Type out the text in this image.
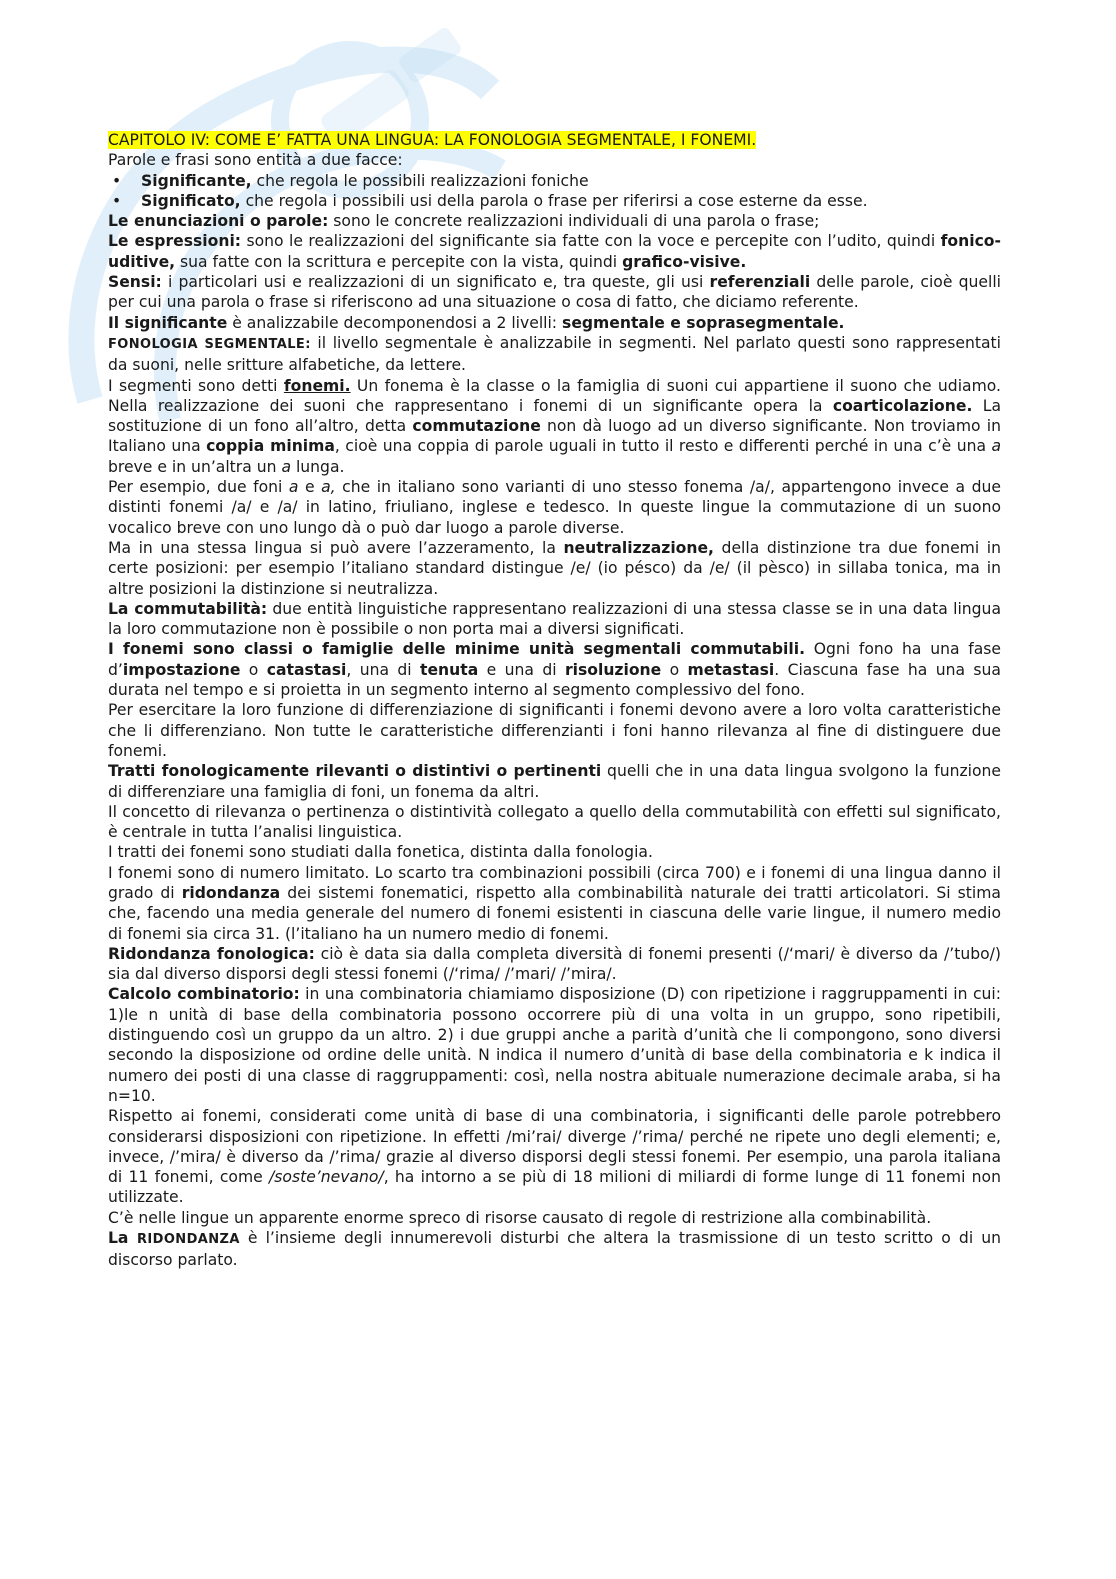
CAPITOLO IV: COME E’ FATTA UNA LINGUA: LA FONOLOGIA SEGMENTALE, I FONEMI.

Parole e frasi sono entità a due facce:

• Significante, che regola le possibili realizzazioni foniche
• Significato, che regola i possibili usi della parola o frase per riferirsi a cose esterne da esse.

Le enunciazioni o parole: sono le concrete realizzazioni individuali di una parola o frase;

Le espressioni: sono le realizzazioni del significante sia fatte con la voce e percepite con l’udito, quindi fonico-uditive, sua fatte con la scrittura e percepite con la vista, quindi grafico-visive.

Sensi: i particolari usi e realizzazioni di un significato e, tra queste, gli usi referenziali delle parole, cioè quelli per cui una parola o frase si riferiscono ad una situazione o cosa di fatto, che diciamo referente.

Il significante è analizzabile decomponendosi a 2 livelli: segmentale e soprasegmentale.

FONOLOGIA SEGMENTALE: il livello segmentale è analizzabile in segmenti. Nel parlato questi sono rappresentati da suoni, nelle sritture alfabetiche, da lettere.

I segmenti sono detti fonemi. Un fonema è la classe o la famiglia di suoni cui appartiene il suono che udiamo. Nella realizzazione dei suoni che rappresentano i fonemi di un significante opera la coarticolazione. La sostituzione di un fono all’altro, detta commutazione non dà luogo ad un diverso significante. Non troviamo in Italiano una coppia minima, cioè una coppia di parole uguali in tutto il resto e differenti perché in una c’è una a breve e in un’altra un a lunga.

Per esempio, due foni a e a, che in italiano sono varianti di uno stesso fonema /a/, appartengono invece a due distinti fonemi /a/ e /a/ in latino, friuliano, inglese e tedesco. In queste lingue la commutazione di un suono vocalico breve con uno lungo dà o può dar luogo a parole diverse.

Ma in una stessa lingua si può avere l’azzeramento, la neutralizzazione, della distinzione tra due fonemi in certe posizioni: per esempio l’italiano standard distingue /e/ (io pésco) da /e/ (il pèsco) in sillaba tonica, ma in altre posizioni la distinzione si neutralizza.

La commutabilità: due entità linguistiche rappresentano realizzazioni di una stessa classe se in una data lingua la loro commutazione non è possibile o non porta mai a diversi significati.

I fonemi sono classi o famiglie delle minime unità segmentali commutabili. Ogni fono ha una fase d’impostazione o catastasi, una di tenuta e una di risoluzione o metastasi. Ciascuna fase ha una sua durata nel tempo e si proietta in un segmento interno al segmento complessivo del fono.

Per esercitare la loro funzione di differenziazione di significanti i fonemi devono avere a loro volta caratteristiche che li differenziano. Non tutte le caratteristiche differenzianti i foni hanno rilevanza al fine di distinguere due fonemi.

Tratti fonologicamente rilevanti o distintivi o pertinenti quelli che in una data lingua svolgono la funzione di differenziare una famiglia di foni, un fonema da altri.

Il concetto di rilevanza o pertinenza o distintività collegato a quello della commutabilità con effetti sul significato, è centrale in tutta l’analisi linguistica.

I tratti dei fonemi sono studiati dalla fonetica, distinta dalla fonologia.

I fonemi sono di numero limitato. Lo scarto tra combinazioni possibili (circa 700) e i fonemi di una lingua danno il grado di ridondanza dei sistemi fonematici, rispetto alla combinabilità naturale dei tratti articolatori. Si stima che, facendo una media generale del numero di fonemi esistenti in ciascuna delle varie lingue, il numero medio di fonemi sia circa 31. (l’italiano ha un numero medio di fonemi.

Ridondanza fonologica: ciò è data sia dalla completa diversità di fonemi presenti (/‘mari/ è diverso da /’tubo/) sia dal diverso disporsi degli stessi fonemi (/‘rima/ /’mari/ /’mira/.

Calcolo combinatorio: in una combinatoria chiamiamo disposizione (D) con ripetizione i raggruppamenti in cui: 1)le n unità di base della combinatoria possono occorrere più di una volta in un gruppo, sono ripetibili, distinguendo così un gruppo da un altro. 2) i due gruppi anche a parità d’unità che li compongono, sono diversi secondo la disposizione od ordine delle unità. N indica il numero d’unità di base della combinatoria e k indica il numero dei posti di una classe di raggruppamenti: così, nella nostra abituale numerazione decimale araba, si ha n=10.

Rispetto ai fonemi, considerati come unità di base di una combinatoria, i significanti delle parole potrebbero considerarsi disposizioni con ripetizione. In effetti /mi’rai/ diverge /’rima/ perché ne ripete uno degli elementi; e, invece, /’mira/ è diverso da /’rima/ grazie al diverso disporsi degli stessi fonemi. Per esempio, una parola italiana di 11 fonemi, come /soste’nevano/, ha intorno a se più di 18 milioni di miliardi di forme lunge di 11 fonemi non utilizzate.

C’è nelle lingue un apparente enorme spreco di risorse causato di regole di restrizione alla combinabilità.

La RIDONDANZA è l’insieme degli innumerevoli disturbi che altera la trasmissione di un testo scritto o di un discorso parlato.
